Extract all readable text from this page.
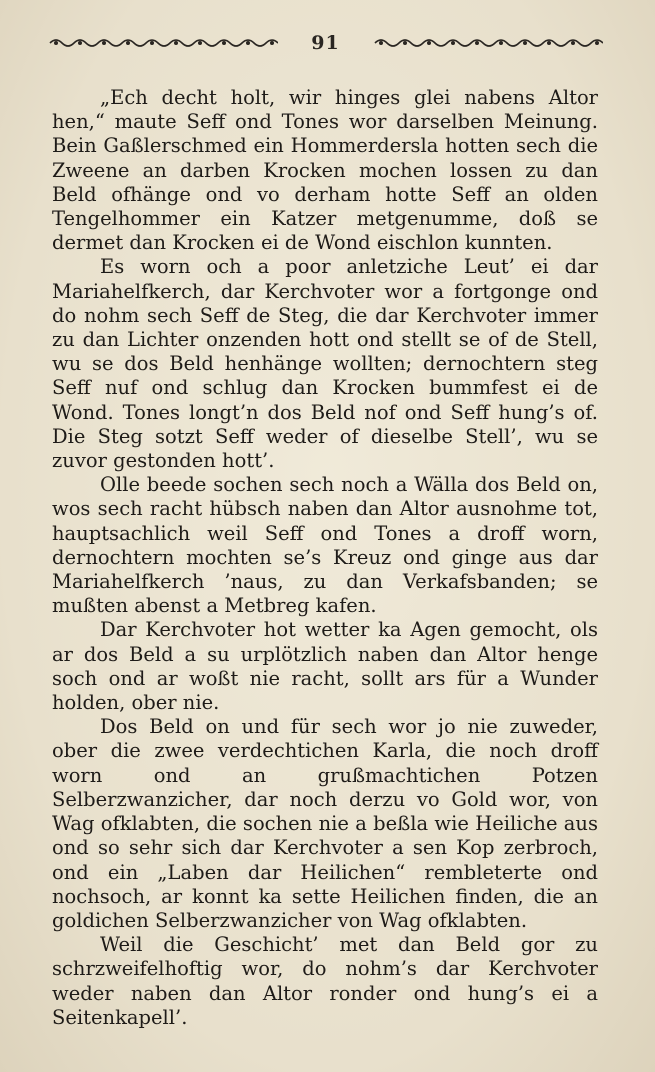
91

„Ech decht holt, wir hinges glei nabens Altor hen,“ maute Seff ond Tones wor darselben Meinung. Bein Gaßlerschmed ein Hommerdersla hotten sech die Zweene an darben Krocken mochen lossen zu dan Beld ofhänge ond vo derham hotte Seff an olden Tengelhommer ein Katzer metgenumme, doß se dermet dan Krocken ei de Wond eischlon kunnten.

Es worn och a poor anletziche Leut’ ei dar Mariahelfkerch, dar Kerchvoter wor a fortgonge ond do nohm sech Seff de Steg, die dar Kerchvoter immer zu dan Lichter onzenden hott ond stellt se of de Stell, wu se dos Beld henhänge wollten; dernochtern steg Seff nuf ond schlug dan Krocken bummfest ei de Wond. Tones longt’n dos Beld nof ond Seff hung’s of. Die Steg sotzt Seff weder of dieselbe Stell’, wu se zuvor gestonden hott’.

Olle beede sochen sech noch a Wälla dos Beld on, wos sech racht hübsch naben dan Altor ausnohme tot, hauptsachlich weil Seff ond Tones a droff worn, dernochtern mochten se’s Kreuz ond ginge aus dar Mariahelfkerch ’naus, zu dan Verkafsbanden; se mußten abenst a Metbreg kafen.

Dar Kerchvoter hot wetter ka Agen gemocht, ols ar dos Beld a su urplötzlich naben dan Altor henge soch ond ar woßt nie racht, sollt ars für a Wunder holden, ober nie.

Dos Beld on und für sech wor jo nie zuweder, ober die zwee verdechtichen Karla, die noch droff worn ond an grußmachtichen Potzen Selberzwanzicher, dar noch derzu vo Gold wor, von Wag ofklabten, die sochen nie a beßla wie Heiliche aus ond so sehr sich dar Kerchvoter a sen Kop zerbroch, ond ein „Laben dar Heilichen“ rembleterte ond nochsoch, ar konnt ka sette Heilichen finden, die an goldichen Selberzwanzicher von Wag ofklabten.

Weil die Geschicht’ met dan Beld gor zu schrzweifelhoftig wor, do nohm’s dar Kerchvoter weder naben dan Altor ronder ond hung’s ei a Seitenkapell’.
